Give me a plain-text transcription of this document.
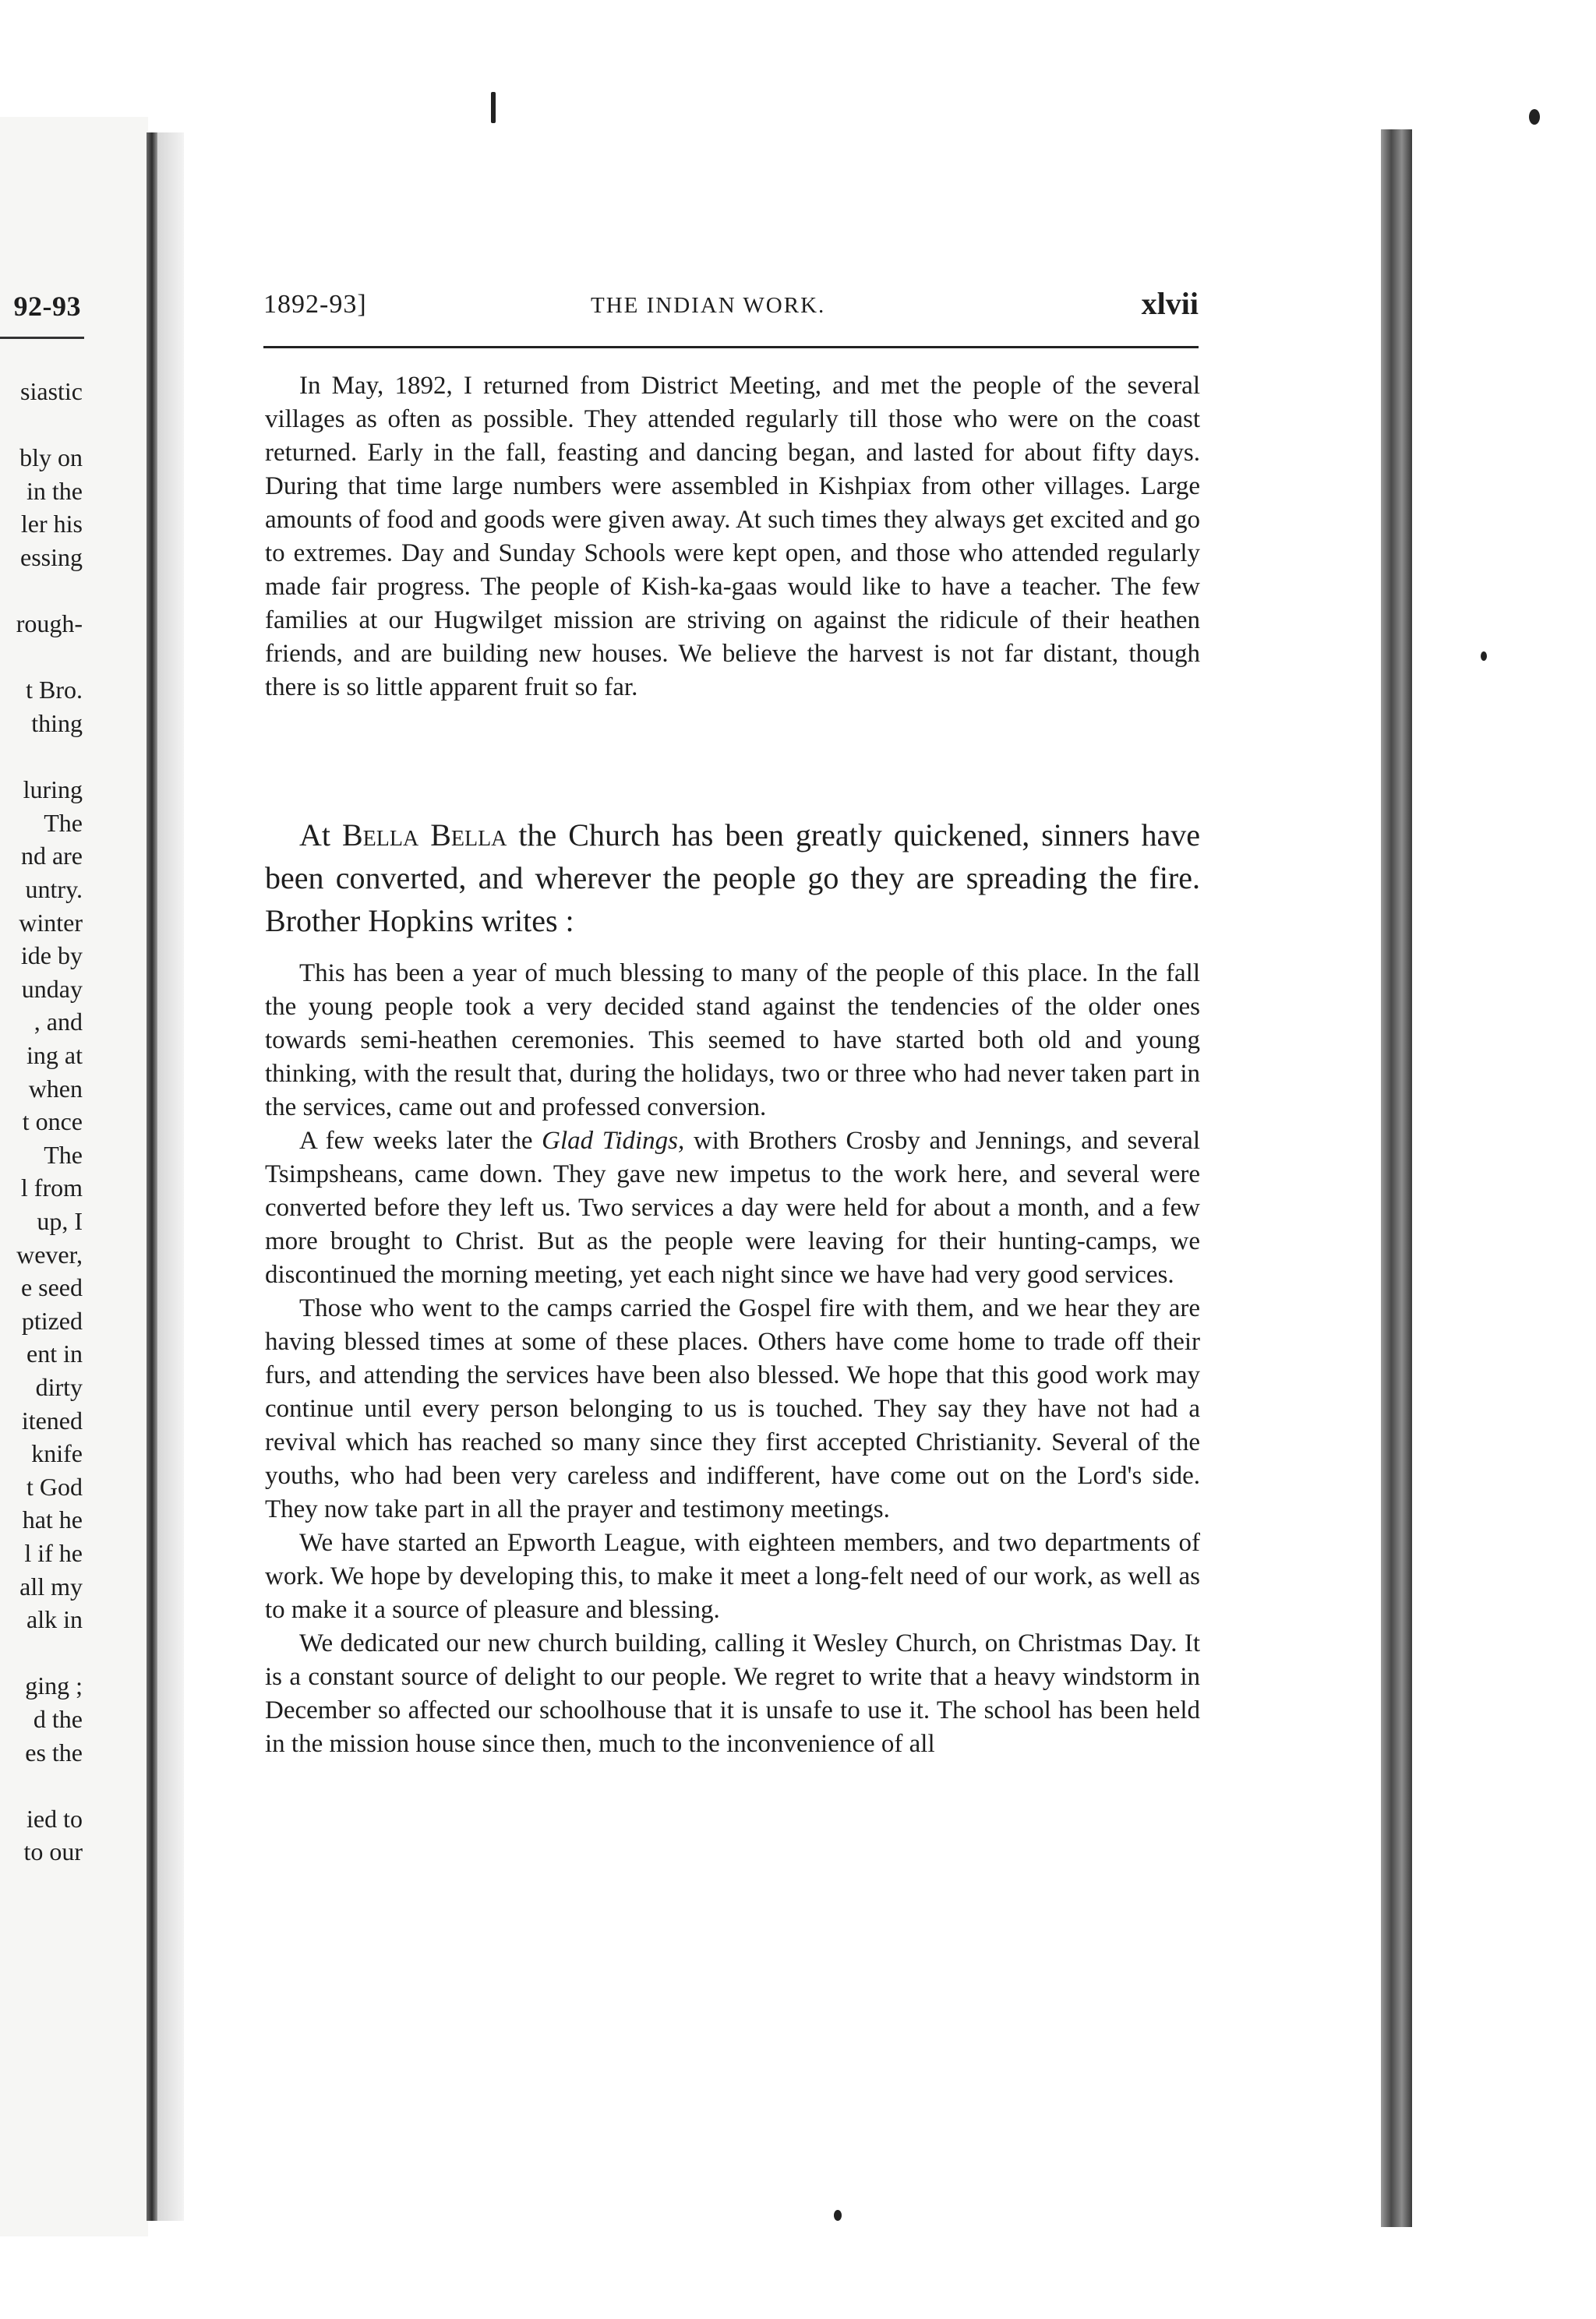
92-93
siastic
bly on
in the
ler his
essing
rough-
t Bro.
thing
luring
The
nd are
untry.
winter
ide by
unday
, and
ing at
when
t once
The
l from
up, I
wever,
e seed
ptized
ent in
dirty
itened
knife
t God
hat he
l if he
all my
alk in
ging ;
d the
es the
ied to
to our
1892-93]	THE INDIAN WORK.	xlvii

In May, 1892, I returned from District Meeting, and met the people of the several villages as often as possible. They attended regularly till those who were on the coast returned. Early in the fall, feasting and dancing began, and lasted for about fifty days. During that time large numbers were assembled in Kishpiax from other villages. Large amounts of food and goods were given away. At such times they always get excited and go to extremes. Day and Sunday Schools were kept open, and those who attended regularly made fair progress. The people of Kish-ka-gaas would like to have a teacher. The few families at our Hugwilget mission are striving on against the ridicule of their heathen friends, and are building new houses. We believe the harvest is not far distant, though there is so little apparent fruit so far.

At Bella Bella the Church has been greatly quickened, sinners have been converted, and wherever the people go they are spreading the fire. Brother Hopkins writes :

This has been a year of much blessing to many of the people of this place. In the fall the young people took a very decided stand against the tendencies of the older ones towards semi-heathen ceremonies. This seemed to have started both old and young thinking, with the result that, during the holidays, two or three who had never taken part in the services, came out and professed conversion.

A few weeks later the Glad Tidings, with Brothers Crosby and Jennings, and several Tsimpsheans, came down. They gave new impetus to the work here, and several were converted before they left us. Two services a day were held for about a month, and a few more brought to Christ. But as the people were leaving for their hunting-camps, we discontinued the morning meeting, yet each night since we have had very good services.

Those who went to the camps carried the Gospel fire with them, and we hear they are having blessed times at some of these places. Others have come home to trade off their furs, and attending the services have been also blessed. We hope that this good work may continue until every person belonging to us is touched. They say they have not had a revival which has reached so many since they first accepted Christianity. Several of the youths, who had been very careless and indifferent, have come out on the Lord's side. They now take part in all the prayer and testimony meetings.

We have started an Epworth League, with eighteen members, and two departments of work. We hope by developing this, to make it meet a long-felt need of our work, as well as to make it a source of pleasure and blessing.

We dedicated our new church building, calling it Wesley Church, on Christmas Day. It is a constant source of delight to our people. We regret to write that a heavy windstorm in December so affected our schoolhouse that it is unsafe to use it. The school has been held in the mission house since then, much to the inconvenience of all
